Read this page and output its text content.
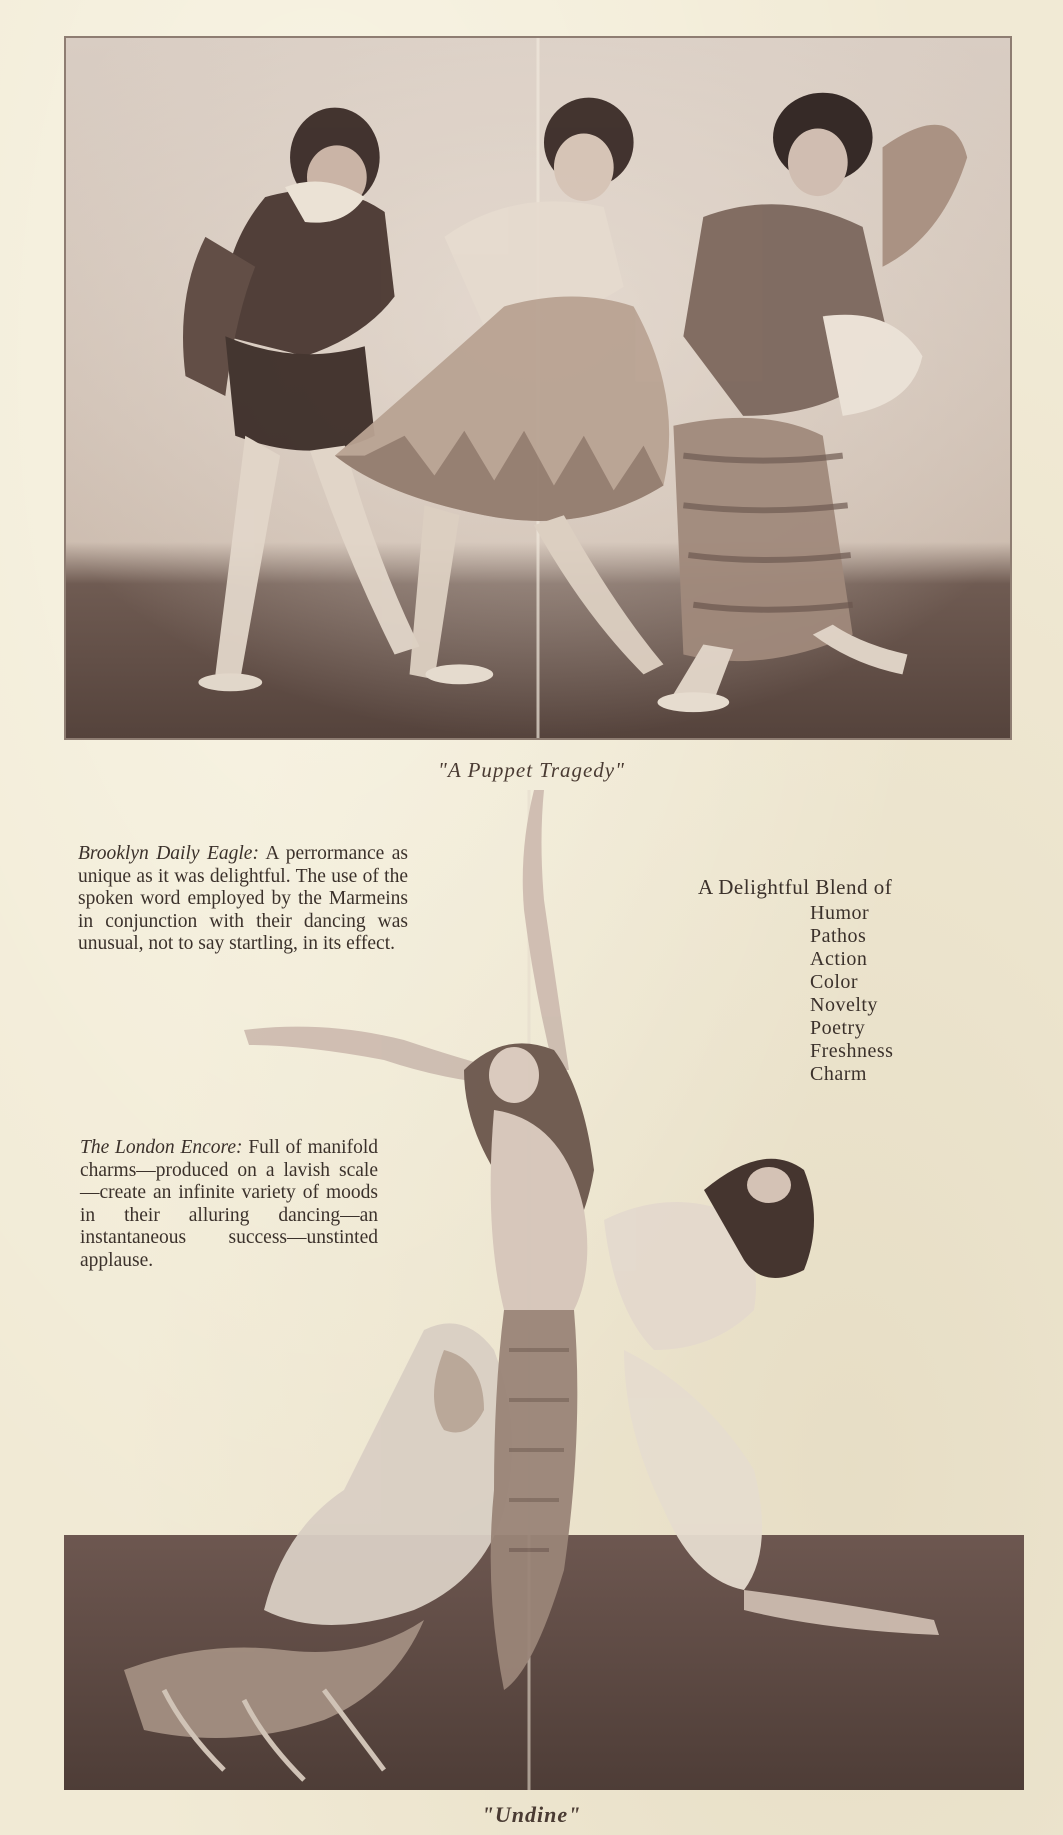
"A Puppet Tragedy"
Brooklyn Daily Eagle: A perrormance as unique as it was delightful. The use of the spoken word employed by the Marmeins in conjunction with their dancing was unusual, not to say startling, in its effect.
The London Encore: Full of manifold charms—produced on a lavish scale—create an infinite variety of moods in their alluring dancing—an instantaneous success—unstinted applause.
A Delightful Blend of
Humor
Pathos
Action
Color
Novelty
Poetry
Freshness
Charm
"Undine"
